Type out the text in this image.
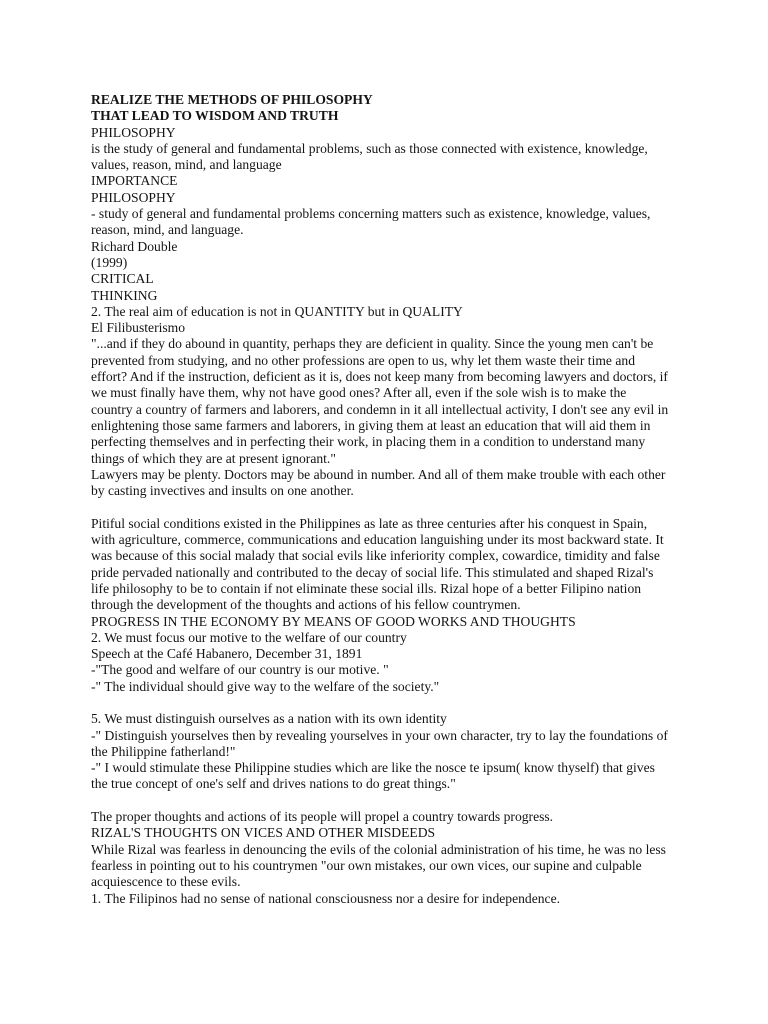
REALIZE THE METHODS OF PHILOSOPHY
THAT LEAD TO WISDOM AND TRUTH
PHILOSOPHY
is the study of general and fundamental problems, such as those connected with existence, knowledge,
values, reason, mind, and language
IMPORTANCE
PHILOSOPHY
- study of general and fundamental problems concerning matters such as existence, knowledge, values,
reason, mind, and language.
Richard Double
(1999)
CRITICAL
THINKING
2. The real aim of education is not in QUANTITY but in QUALITY
El Filibusterismo
"...and if they do abound in quantity, perhaps they are deficient in quality. Since the young men can't be
prevented from studying, and no other professions are open to us, why let them waste their time and
effort? And if the instruction, deficient as it is, does not keep many from becoming lawyers and doctors, if
we must finally have them, why not have good ones? After all, even if the sole wish is to make the
country a country of farmers and laborers, and condemn in it all intellectual activity, I don't see any evil in
enlightening those same farmers and laborers, in giving them at least an education that will aid them in
perfecting themselves and in perfecting their work, in placing them in a condition to understand many
things of which they are at present ignorant."
Lawyers may be plenty. Doctors may be abound in number. And all of them make trouble with each other
by casting invectives and insults on one another.
Pitiful social conditions existed in the Philippines as late as three centuries after his conquest in Spain,
with agriculture, commerce, communications and education languishing under its most backward state. It
was because of this social malady that social evils like inferiority complex, cowardice, timidity and false
pride pervaded nationally and contributed to the decay of social life. This stimulated and shaped Rizal's
life philosophy to be to contain if not eliminate these social ills. Rizal hope of a better Filipino nation
through the development of the thoughts and actions of his fellow countrymen.
PROGRESS IN THE ECONOMY BY MEANS OF GOOD WORKS AND THOUGHTS
2. We must focus our motive to the welfare of our country
Speech at the Café Habanero, December 31, 1891
-"The good and welfare of our country is our motive. "
-" The individual should give way to the welfare of the society."
5. We must distinguish ourselves as a nation with its own identity
-" Distinguish yourselves then by revealing yourselves in your own character, try to lay the foundations of
the Philippine fatherland!"
-" I would stimulate these Philippine studies which are like the nosce te ipsum( know thyself) that gives
the true concept of one's self and drives nations to do great things."
The proper thoughts and actions of its people will propel a country towards progress.
RIZAL'S THOUGHTS ON VICES AND OTHER MISDEEDS
While Rizal was fearless in denouncing the evils of the colonial administration of his time, he was no less
fearless in pointing out to his countrymen "our own mistakes, our own vices, our supine and culpable
acquiescence to these evils.
1. The Filipinos had no sense of national consciousness nor a desire for independence.
